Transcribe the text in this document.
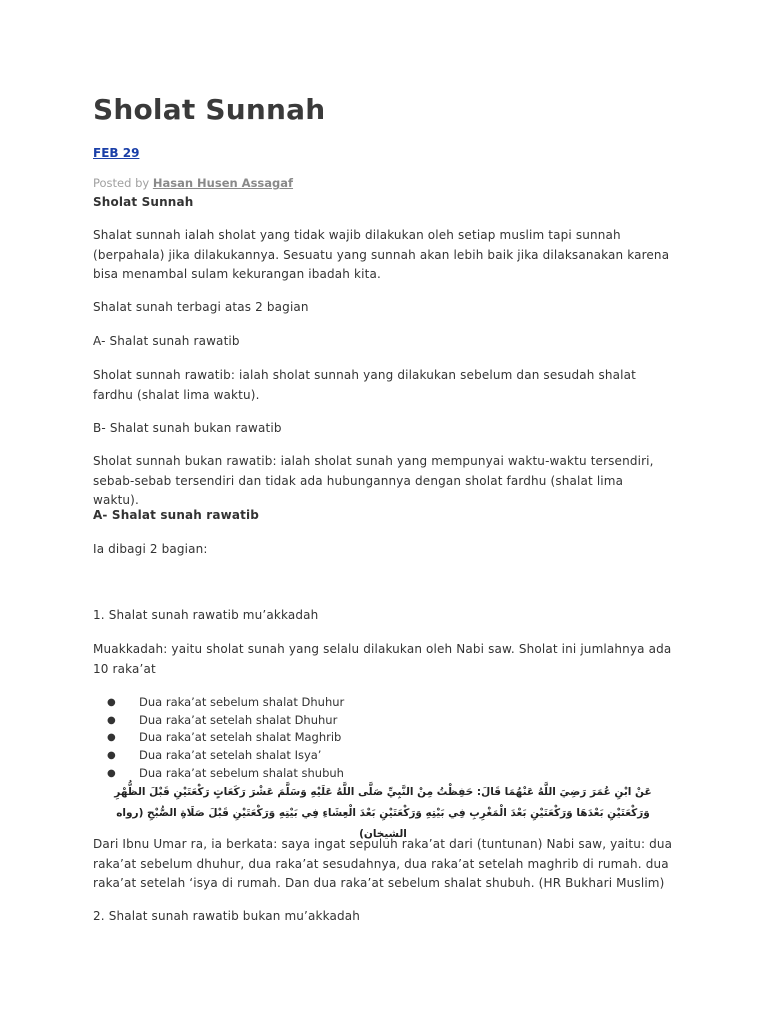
Sholat Sunnah
FEB 29
Posted by Hasan Husen Assagaf
Sholat Sunnah
Shalat sunnah ialah sholat yang tidak wajib dilakukan oleh setiap muslim tapi sunnah (berpahala) jika dilakukannya. Sesuatu yang sunnah akan lebih baik jika dilaksanakan karena bisa menambal sulam kekurangan ibadah kita.
Shalat sunah terbagi atas 2 bagian
A- Shalat sunah rawatib
Sholat sunnah rawatib: ialah sholat sunnah yang dilakukan sebelum dan sesudah shalat fardhu (shalat lima waktu).
B- Shalat sunah bukan rawatib
Sholat sunnah bukan rawatib: ialah sholat sunah yang mempunyai waktu-waktu tersendiri, sebab-sebab tersendiri dan tidak ada hubungannya dengan sholat fardhu (shalat lima waktu).
A- Shalat sunah rawatib
Ia dibagi 2 bagian:
1. Shalat sunah rawatib mu’akkadah
Muakkadah: yaitu sholat sunah yang selalu dilakukan oleh Nabi saw. Sholat ini jumlahnya ada 10 raka’at
● Dua raka’at sebelum shalat Dhuhur
● Dua raka’at setelah shalat Dhuhur
● Dua raka’at setelah shalat Maghrib
● Dua raka’at setelah shalat Isya’
● Dua raka’at sebelum shalat shubuh
عَنْ ابْنِ عُمَرَ رَضِيَ اللَّهُ عَنْهُمَا قَالَ: حَفِظْتُ مِنْ النَّبِيِّ صَلَّى اللَّهُ عَلَيْهِ وَسَلَّمَ عَشْرَ رَكَعَاتٍ رَكْعَتَيْنِ قَبْلَ الظُّهْرِ وَرَكْعَتَيْنِ بَعْدَهَا وَرَكْعَتَيْنِ بَعْدَ الْمَغْرِبِ فِي بَيْتِهِ وَرَكْعَتَيْنِ بَعْدَ الْعِشَاءِ فِي بَيْتِهِ وَرَكْعَتَيْنِ قَبْلَ صَلَاةِ الصُّبْحِ (رواه الشيخان)
Dari Ibnu Umar ra, ia berkata: saya ingat sepuluh raka’at dari (tuntunan) Nabi saw, yaitu: dua raka’at sebelum dhuhur, dua raka’at sesudahnya, dua raka’at setelah maghrib di rumah. dua raka’at setelah ‘isya di rumah. Dan dua raka’at sebelum shalat shubuh. (HR Bukhari Muslim)
2. Shalat sunah rawatib bukan mu’akkadah
